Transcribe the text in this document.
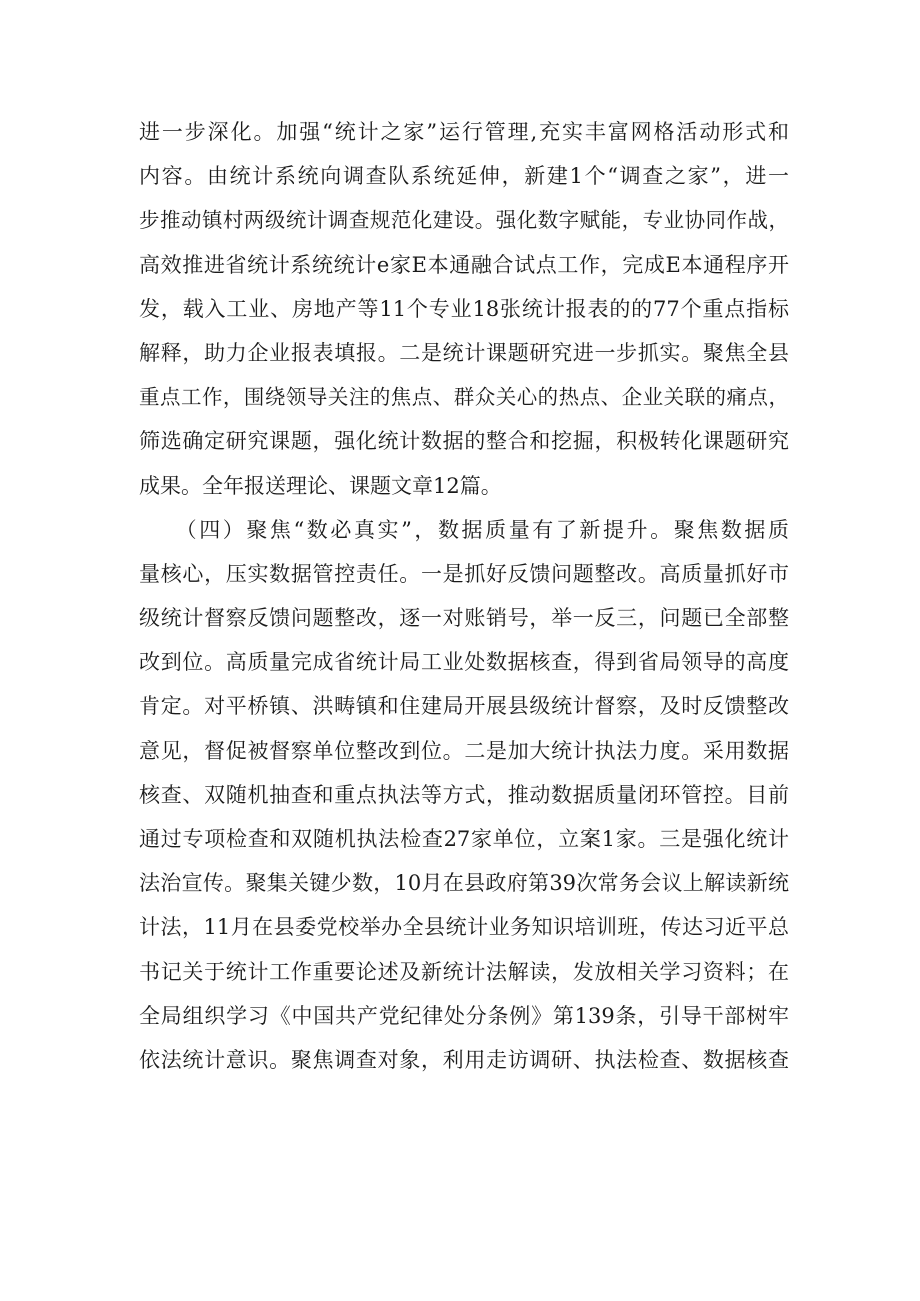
进一步深化。加强“统计之家”运行管理,充实丰富网格活动形式和
内容。由统计系统向调查队系统延伸，新建1个“调查之家”，进一
步推动镇村两级统计调查规范化建设。强化数字赋能，专业协同作战，
高效推进省统计系统统计e家E本通融合试点工作，完成E本通程序开
发，载入工业、房地产等11个专业18张统计报表的的77个重点指标
解释，助力企业报表填报。二是统计课题研究进一步抓实。聚焦全县
重点工作，围绕领导关注的焦点、群众关心的热点、企业关联的痛点，
筛选确定研究课题，强化统计数据的整合和挖掘，积极转化课题研究
成果。全年报送理论、课题文章12篇。
　　（四）聚焦“数必真实”，数据质量有了新提升。聚焦数据质
量核心，压实数据管控责任。一是抓好反馈问题整改。高质量抓好市
级统计督察反馈问题整改，逐一对账销号，举一反三，问题已全部整
改到位。高质量完成省统计局工业处数据核查，得到省局领导的高度
肯定。对平桥镇、洪畴镇和住建局开展县级统计督察，及时反馈整改
意见，督促被督察单位整改到位。二是加大统计执法力度。采用数据
核查、双随机抽查和重点执法等方式，推动数据质量闭环管控。目前
通过专项检查和双随机执法检查27家单位，立案1家。三是强化统计
法治宣传。聚集关键少数，10月在县政府第39次常务会议上解读新统
计法，11月在县委党校举办全县统计业务知识培训班，传达习近平总
书记关于统计工作重要论述及新统计法解读，发放相关学习资料；在
全局组织学习《中国共产党纪律处分条例》第139条，引导干部树牢
依法统计意识。聚焦调查对象，利用走访调研、执法检查、数据核查
